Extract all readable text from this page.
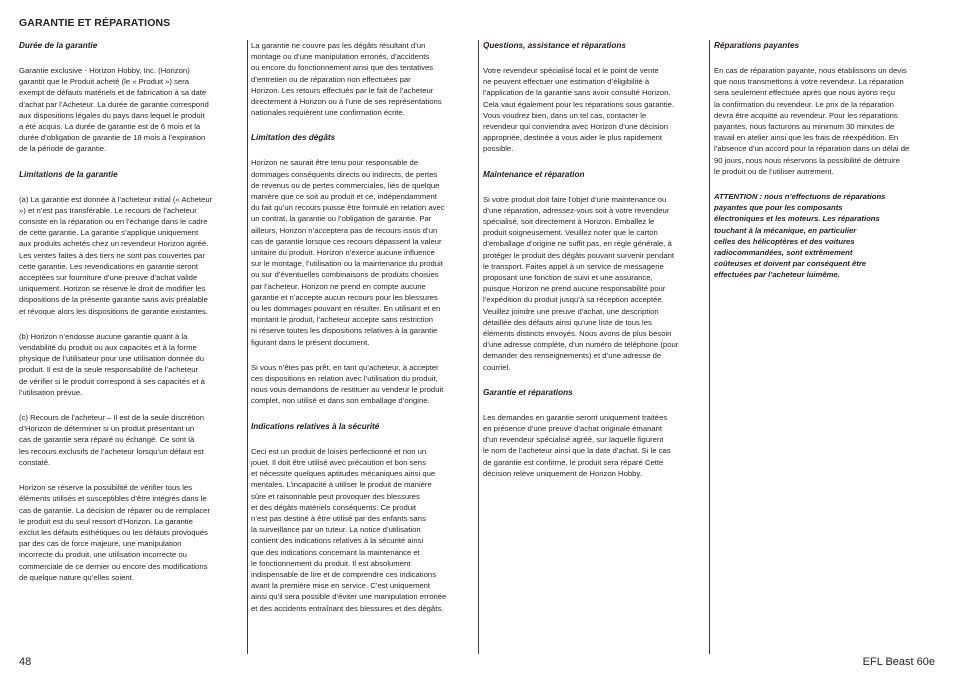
GARANTIE ET RÉPARATIONS
Durée de la garantie

Garantie exclusive - Horizon Hobby, Inc. (Horizon)
garantit que le Produit acheté (le « Produit ») sera
exempt de défauts matériels et de fabrication à sa date
d’achat par l’Acheteur. La durée de garantie correspond
aux dispositions légales du pays dans lequel le produit
a été acquis. La durée de garantie est de 6 mois et la
durée d’obligation de garantie de 18 mois à l’expiration
de la période de garantie.

Limitations de la garantie

(a) La garantie est donnée à l’acheteur initial (« Acheteur
») et n’est pas transférable. Le recours de l’acheteur
consiste en la réparation ou en l’échange dans le cadre
de cette garantie. La garantie s’applique uniquement
aux produits achetés chez un revendeur Horizon agréé.
Les ventes faites à des tiers ne sont pas couvertes par
cette garantie. Les revendications en garantie seront
acceptées sur fourniture d’une preuve d’achat valide
uniquement. Horizon se réserve le droit de modifier les
dispositions de la présente garantie sans avis préalable
et révoque alors les dispositions de garantie existantes.

(b) Horizon n’endosse aucune garantie quant à la
vendabilité du produit ou aux capacités et à la forme
physique de l’utilisateur pour une utilisation donnée du
produit. Il est de la seule responsabilité de l’acheteur
de vérifier si le produit correspond à ses capacités et à
l’utilisation prévue.

(c) Recours de l’acheteur – Il est de la seule discrétion
d’Horizon de déterminer si un produit présentant un
cas de garantie sera réparé ou échangé. Ce sont là
les recours exclusifs de l’acheteur lorsqu’un défaut est
constaté.

Horizon se réserve la possibilité de vérifier tous les
éléments utilisés et susceptibles d’être intégrés dans le
cas de garantie. La décision de réparer ou de remplacer
le produit est du seul ressort d’Horizon. La garantie
exclut les défauts esthétiques ou les défauts provoqués
par des cas de force majeure, une manipulation
incorrecte du produit, une utilisation incorrecte ou
commerciale de ce dernier ou encore des modifications
de quelque nature qu’elles soient.

La garantie ne couvre pas les dégâts résultant d’un
montage ou d’une manipulation erronés, d’accidents
ou encore du fonctionnement ainsi que des tentatives
d’entretien ou de réparation non effectuées par
Horizon. Les retours effectués par le fait de l’acheteur
directement à Horizon ou à l’une de ses représentations
nationales requièrent une confirmation écrite.

Limitation des dégâts

Horizon ne saurait être tenu pour responsable de
dommages conséquents directs ou indirects, de pertes
de revenus ou de pertes commerciales, liés de quelque
manière que ce soit au produit et ce, indépendamment
du fait qu’un recours puisse être formulé en relation avec
un contrat, la garantie ou l’obligation de garantie. Par
ailleurs, Horizon n’acceptera pas de recours issus d’un
cas de garantie lorsque ces recours dépassent la valeur
unitaire du produit. Horizon n’exerce aucune influence
sur le montage, l’utilisation ou la maintenance du produit
ou sur d’éventuelles combinaisons de produits choisies
par l’acheteur. Horizon ne prend en compte aucune
garantie et n’accepte aucun recours pour les blessures
ou les dommages pouvant en résulter. En utilisant et en
montant le produit, l’acheteur accepte sans restriction
ni réserve toutes les dispositions relatives à la garantie
figurant dans le présent document.

Si vous n’êtes pas prêt, en tant qu’acheteur, à accepter
ces dispositions en relation avec l’utilisation du produit,
nous vous demandons de restituer au vendeur le produit
complet, non utilisé et dans son emballage d’origine.

Indications relatives à la sécurité

Ceci est un produit de loisirs perfectionné et non un
jouet. Il doit être utilisé avec précaution et bon sens
et nécessite quelques aptitudes mécaniques ainsi que
mentales. L’incapacité à utiliser le produit de manière
sûre et raisonnable peut provoquer des blessures
et des dégâts matériels conséquents. Ce produit
n’est pas destiné à être utilisé par des enfants sans
la surveillance par un tuteur. La notice d’utilisation
contient des indications relatives à la sécurité ainsi
que des indications concernant la maintenance et
le fonctionnement du produit. Il est absolument
indispensable de lire et de comprendre ces indications
avant la première mise en service. C’est uniquement
ainsi qu’il sera possible d’éviter une manipulation erronée
et des accidents entraînant des blessures et des dégâts.

Questions, assistance et réparations

Votre revendeur spécialisé local et le point de vente
ne peuvent effectuer une estimation d’éligibilité à
l’application de la garantie sans avoir consulté Horizon.
Cela vaut également pour les réparations sous garantie.
Vous voudrez bien, dans un tel cas, contacter le
revendeur qui conviendra avec Horizon d’une décision
appropriée, destinée à vous aider le plus rapidement
possible.

Maintenance et réparation

Si votre produit doit faire l’objet d’une maintenance ou
d’une réparation, adressez-vous soit à votre revendeur
spécialisé, soit directement à Horizon. Emballez le
produit soigneusement. Veuillez noter que le carton
d’emballage d’origine ne suffit pas, en règle générale, à
protéger le produit des dégâts pouvant survenir pendant
le transport. Faites appel à un service de messagerie
proposant une fonction de suivi et une assurance,
puisque Horizon ne prend aucune responsabilité pour
l’expédition du produit jusqu’à sa réception acceptée.
Veuillez joindre une preuve d’achat, une description
détaillée des défauts ainsi qu’une liste de tous les
éléments distincts envoyés. Nous avons de plus besoin
d’une adresse complète, d’un numéro de téléphone (pour
demander des renseignements) et d’une adresse de
courriel.

Garantie et réparations

Les demandes en garantie seront uniquement traitées
en présence d’une preuve d’achat originale émanant
d’un revendeur spécialisé agréé, sur laquelle figurent
le nom de l’acheteur ainsi que la date d’achat. Si le cas
de garantie est confirmé, le produit sera réparé Cette
décision relève uniquement de Horizon Hobby.

Réparations payantes

En cas de réparation payante, nous établissons un devis
que nous transmettons à votre revendeur. La réparation
sera seulement effectuée après que nous ayons reçu
la confirmation du revendeur. Le prix de la réparation
devra être acquitté au revendeur. Pour les réparations
payantes, nous facturons au minimum 30 minutes de
travail en atelier ainsi que les frais de réexpédition. En
l’absence d’un accord pour la réparation dans un délai de
90 jours, nous nous réservons la possibilité de détruire
le produit ou de l’utiliser autrement.

ATTENTION : nous n’effectuons de réparations
payantes que pour les composants
électroniques et les moteurs. Les réparations
touchant à la mécanique, en particulier
celles des hélicoptères et des voitures
radiocommandées, sont extrêmement
coûteuses et doivent par conséquent être
effectuées par l’acheteur luimême.

48	EFL Beast 60e
